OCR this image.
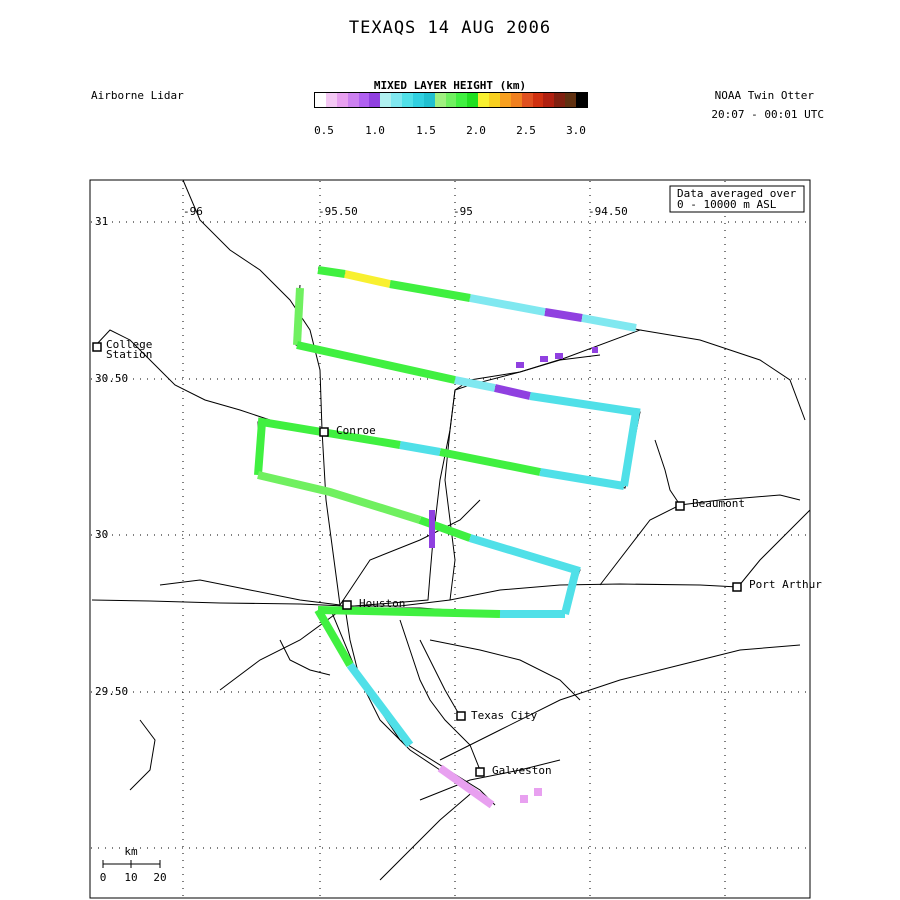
TEXAQS 14 AUG 2006
Airborne Lidar	NOAA Twin Otter
20:07 - 00:01 UTC
MIXED LAYER HEIGHT (km)
0.5	1.0	1.5	2.0	2.5	3.0
-96	-95.50	-95	-94.50
31
30.50
30
29.50
Data averaged over
0 - 10000 m ASL
College Station
Conroe
Houston
Beaumont
Port Arthur
Texas City
Galveston
km
0 10 20
